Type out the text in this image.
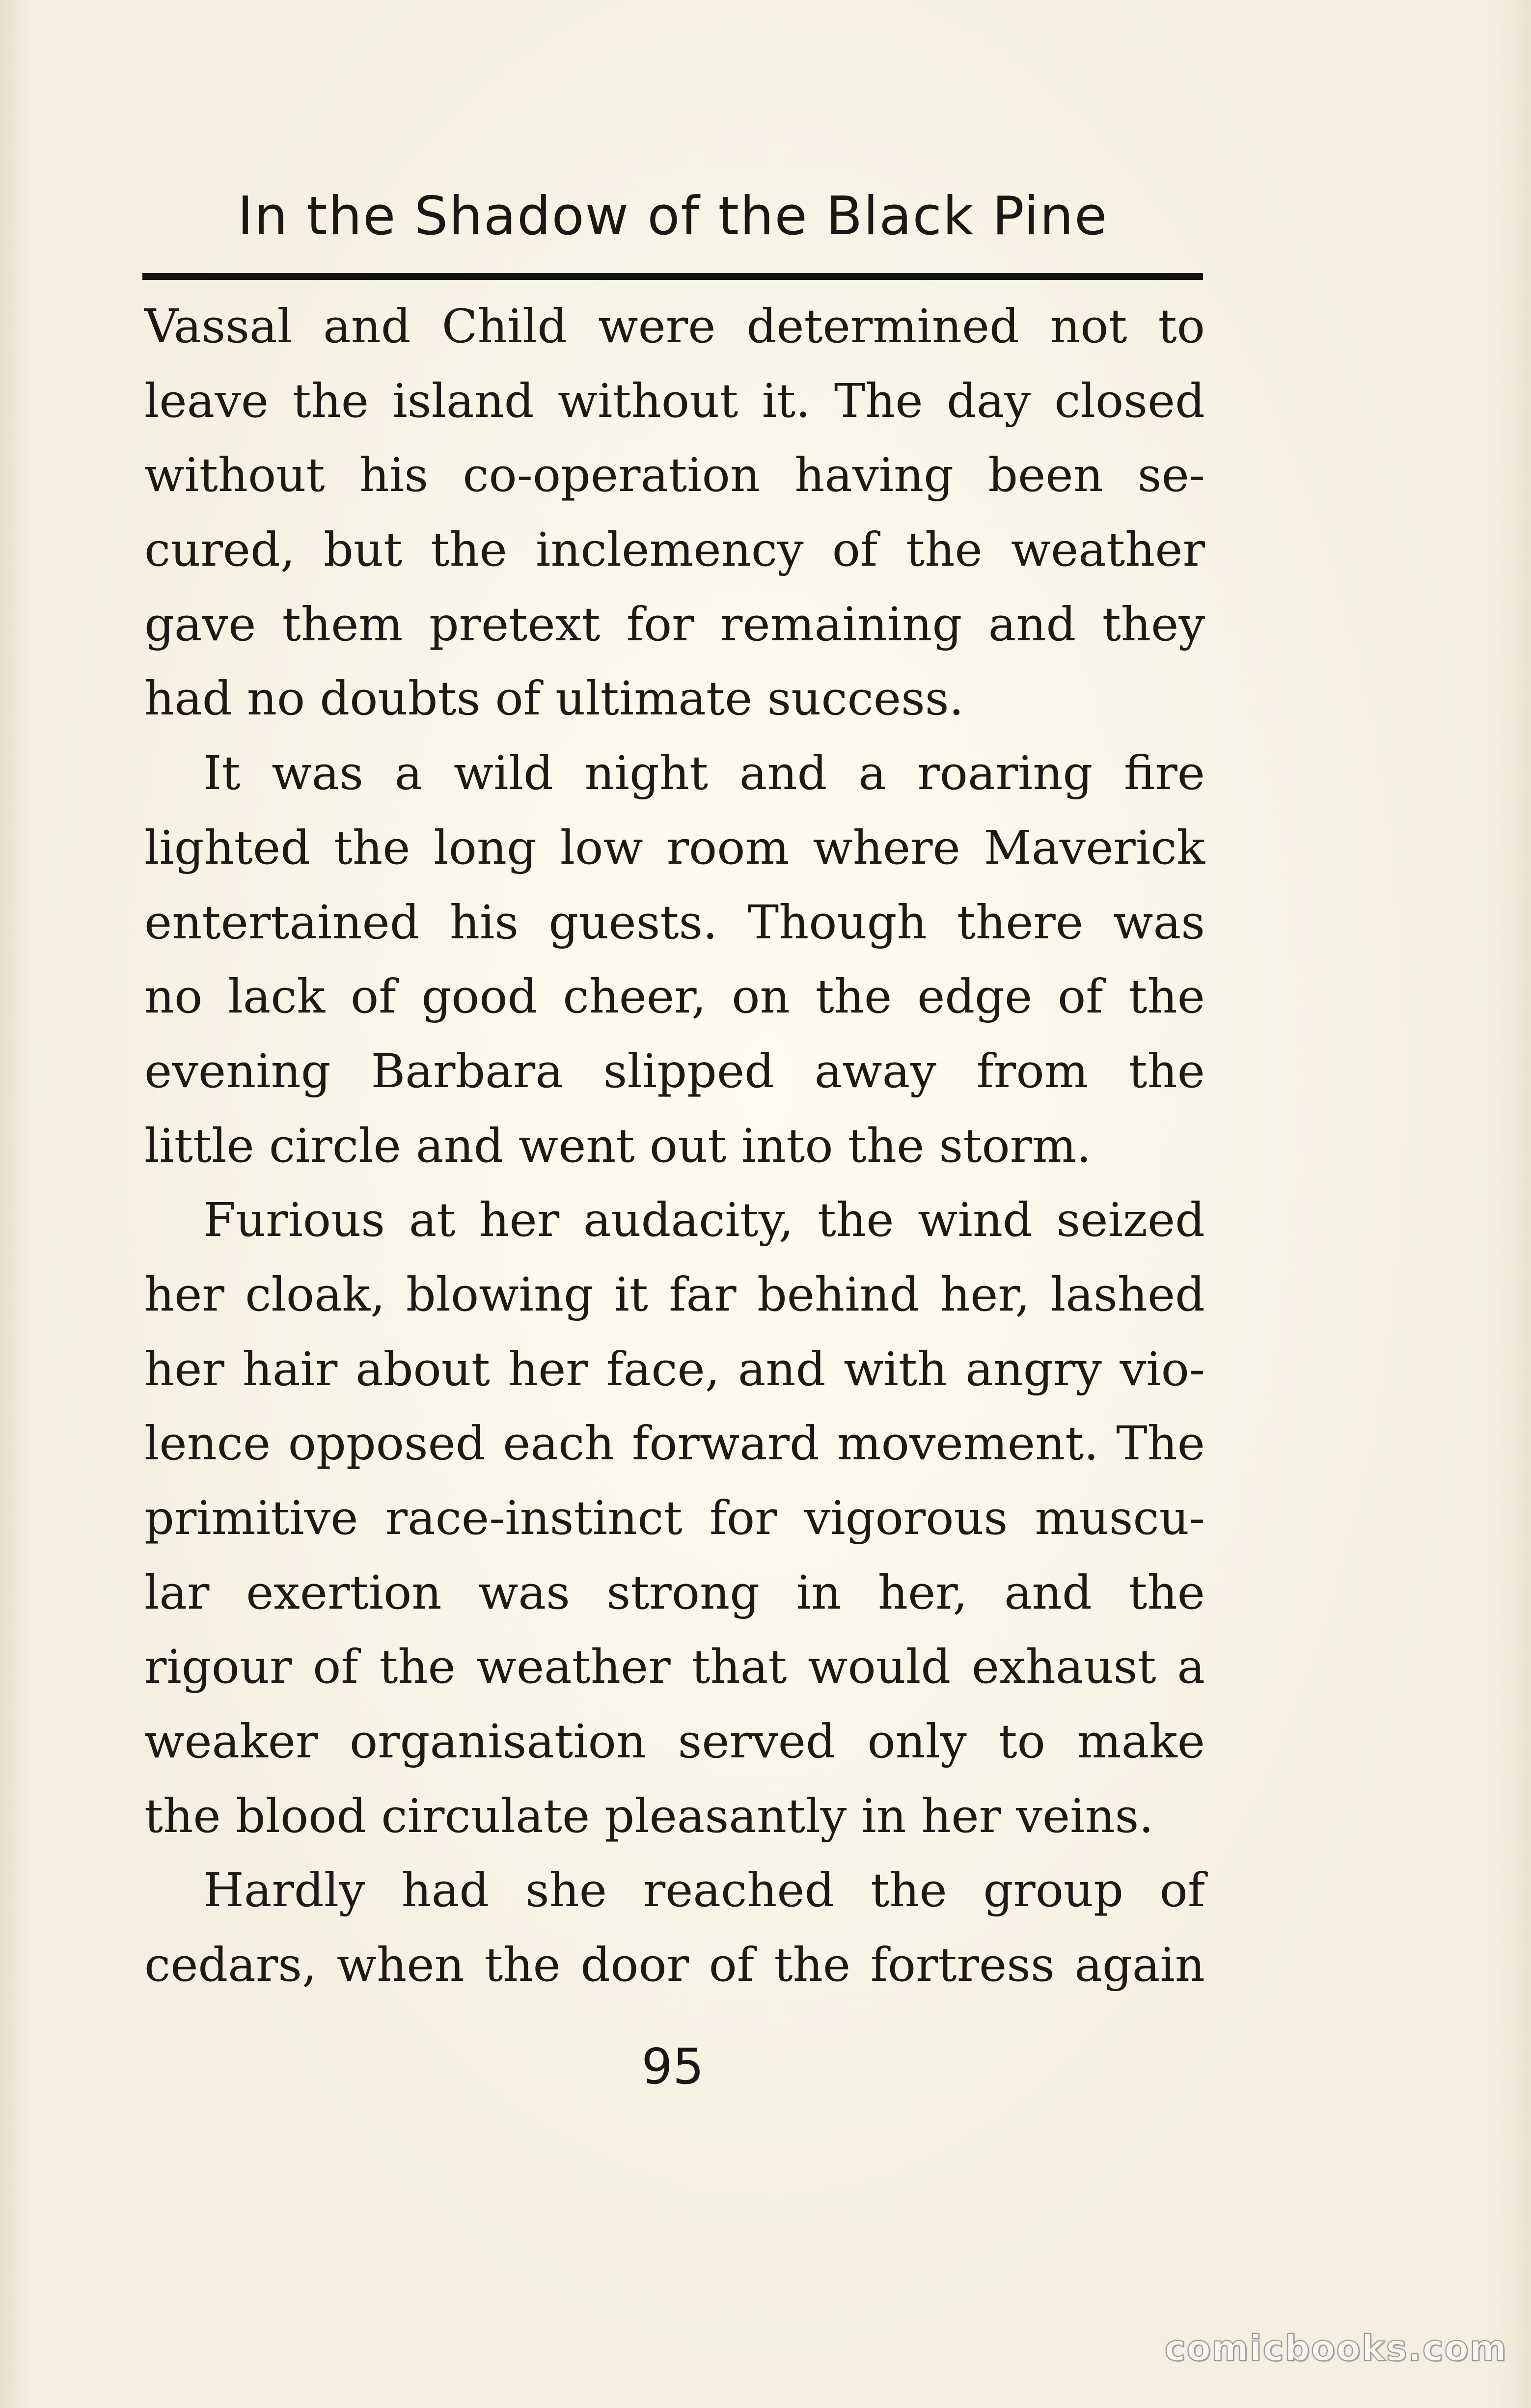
In the Shadow of the Black Pine
Vassal and Child were determined not to
leave the island without it. The day closed
without his co-operation having been se-
cured, but the inclemency of the weather
gave them pretext for remaining and they
had no doubts of ultimate success.
It was a wild night and a roaring fire
lighted the long low room where Maverick
entertained his guests. Though there was
no lack of good cheer, on the edge of the
evening Barbara slipped away from the
little circle and went out into the storm.
Furious at her audacity, the wind seized
her cloak, blowing it far behind her, lashed
her hair about her face, and with angry vio-
lence opposed each forward movement. The
primitive race-instinct for vigorous muscu-
lar exertion was strong in her, and the
rigour of the weather that would exhaust a
weaker organisation served only to make
the blood circulate pleasantly in her veins.
Hardly had she reached the group of
cedars, when the door of the fortress again
95
comicbooks.com
